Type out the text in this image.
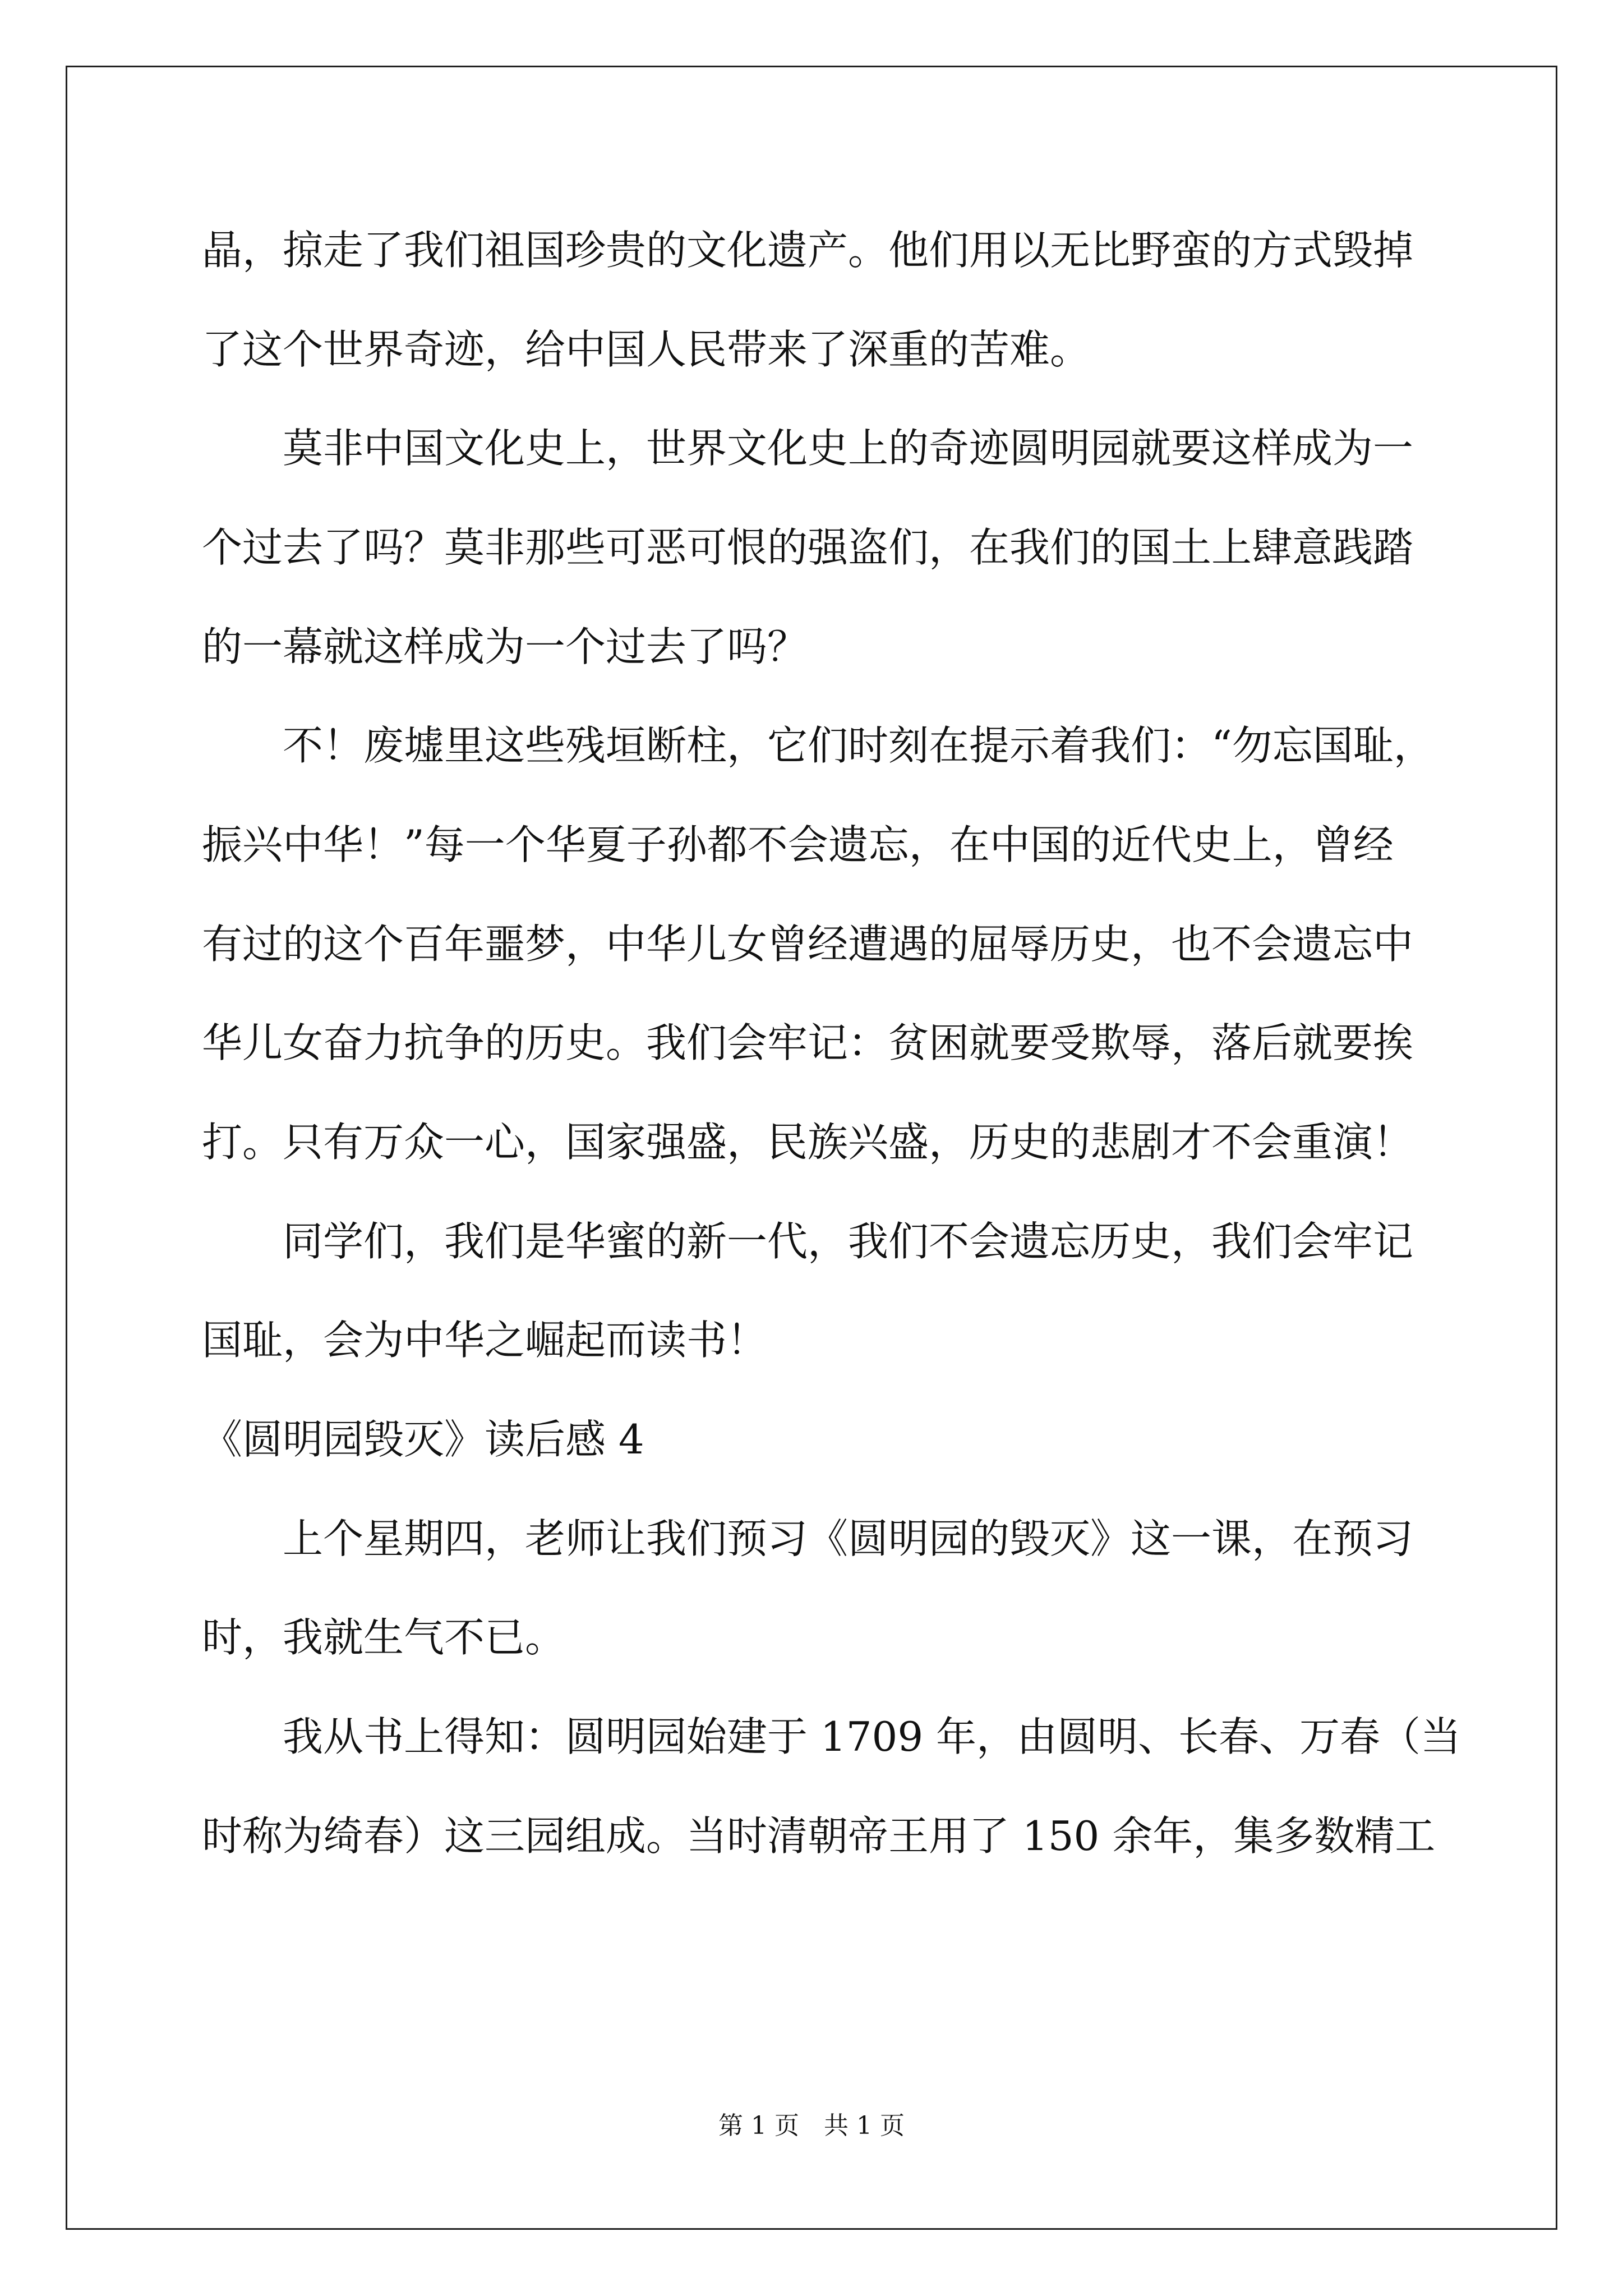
晶，掠走了我们祖国珍贵的文化遗产。他们用以无比野蛮的方式毁掉
了这个世界奇迹，给中国人民带来了深重的苦难。
　　莫非中国文化史上，世界文化史上的奇迹圆明园就要这样成为一
个过去了吗？莫非那些可恶可恨的强盗们，在我们的国土上肆意践踏
的一幕就这样成为一个过去了吗？
　　不！废墟里这些残垣断柱，它们时刻在提示着我们：“勿忘国耻，
振兴中华！”每一个华夏子孙都不会遗忘，在中国的近代史上，曾经
有过的这个百年噩梦，中华儿女曾经遭遇的屈辱历史，也不会遗忘中
华儿女奋力抗争的历史。我们会牢记：贫困就要受欺辱，落后就要挨
打。只有万众一心，国家强盛，民族兴盛，历史的悲剧才不会重演！
　　同学们，我们是华蜜的新一代，我们不会遗忘历史，我们会牢记
国耻，会为中华之崛起而读书！
《圆明园毁灭》读后感 4
　　上个星期四，老师让我们预习《圆明园的毁灭》这一课，在预习
时，我就生气不已。
　　我从书上得知：圆明园始建于 1709 年，由圆明、长春、万春（当
时称为绮春）这三园组成。当时清朝帝王用了 150 余年，集多数精工
第 1 页　共 1 页
